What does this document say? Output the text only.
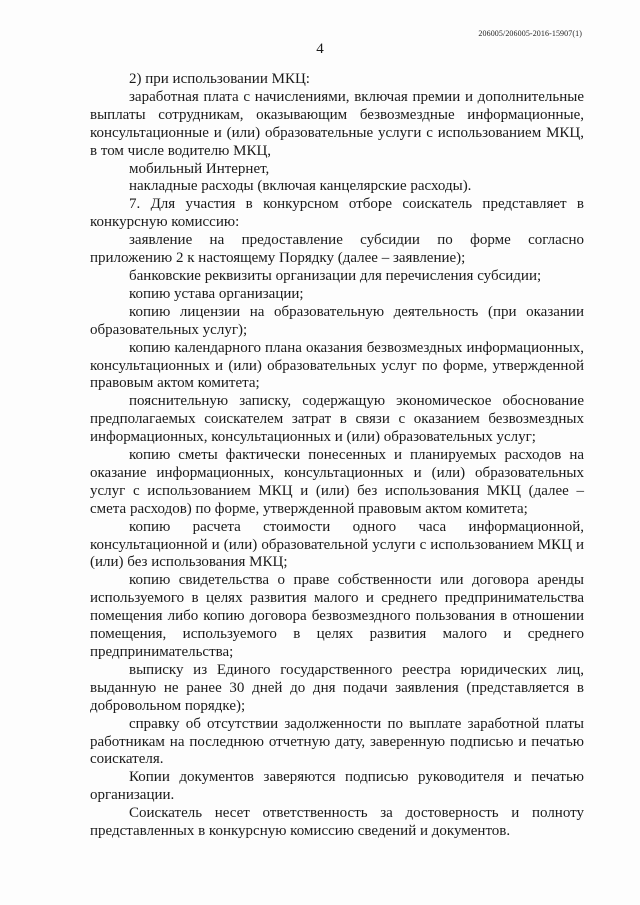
206005/206005-2016-15907(1)
4

2) при использовании МКЦ:

заработная плата с начислениями, включая премии и дополнительные выплаты сотрудникам, оказывающим безвозмездные информационные, консультационные и (или) образовательные услуги с использованием МКЦ, в том числе водителю МКЦ,

мобильный Интернет,

накладные расходы (включая канцелярские расходы).

7. Для участия в конкурсном отборе соискатель представляет в конкурсную комиссию:

заявление на предоставление субсидии по форме согласно приложению 2 к настоящему Порядку (далее – заявление);

банковские реквизиты организации для перечисления субсидии;

копию устава организации;

копию лицензии на образовательную деятельность (при оказании образовательных услуг);

копию календарного плана оказания безвозмездных информационных, консультационных и (или) образовательных услуг по форме, утвержденной правовым актом комитета;

пояснительную записку, содержащую экономическое обоснование предполагаемых соискателем затрат в связи с оказанием безвозмездных информационных, консультационных и (или) образовательных услуг;

копию сметы фактически понесенных и планируемых расходов на оказание информационных, консультационных и (или) образовательных услуг с использованием МКЦ и (или) без использования МКЦ (далее – смета расходов) по форме, утвержденной правовым актом комитета;

копию расчета стоимости одного часа информационной, консультационной и (или) образовательной услуги с использованием МКЦ и (или) без использования МКЦ;

копию свидетельства о праве собственности или договора аренды используемого в целях развития малого и среднего предпринимательства помещения либо копию договора безвозмездного пользования в отношении помещения, используемого в целях развития малого и среднего предпринимательства;

выписку из Единого государственного реестра юридических лиц, выданную не ранее 30 дней до дня подачи заявления (представляется в добровольном порядке);

справку об отсутствии задолженности по выплате заработной платы работникам на последнюю отчетную дату, заверенную подписью и печатью соискателя.

Копии документов заверяются подписью руководителя и печатью организации.

Соискатель несет ответственность за достоверность и полноту представленных в конкурсную комиссию сведений и документов.
